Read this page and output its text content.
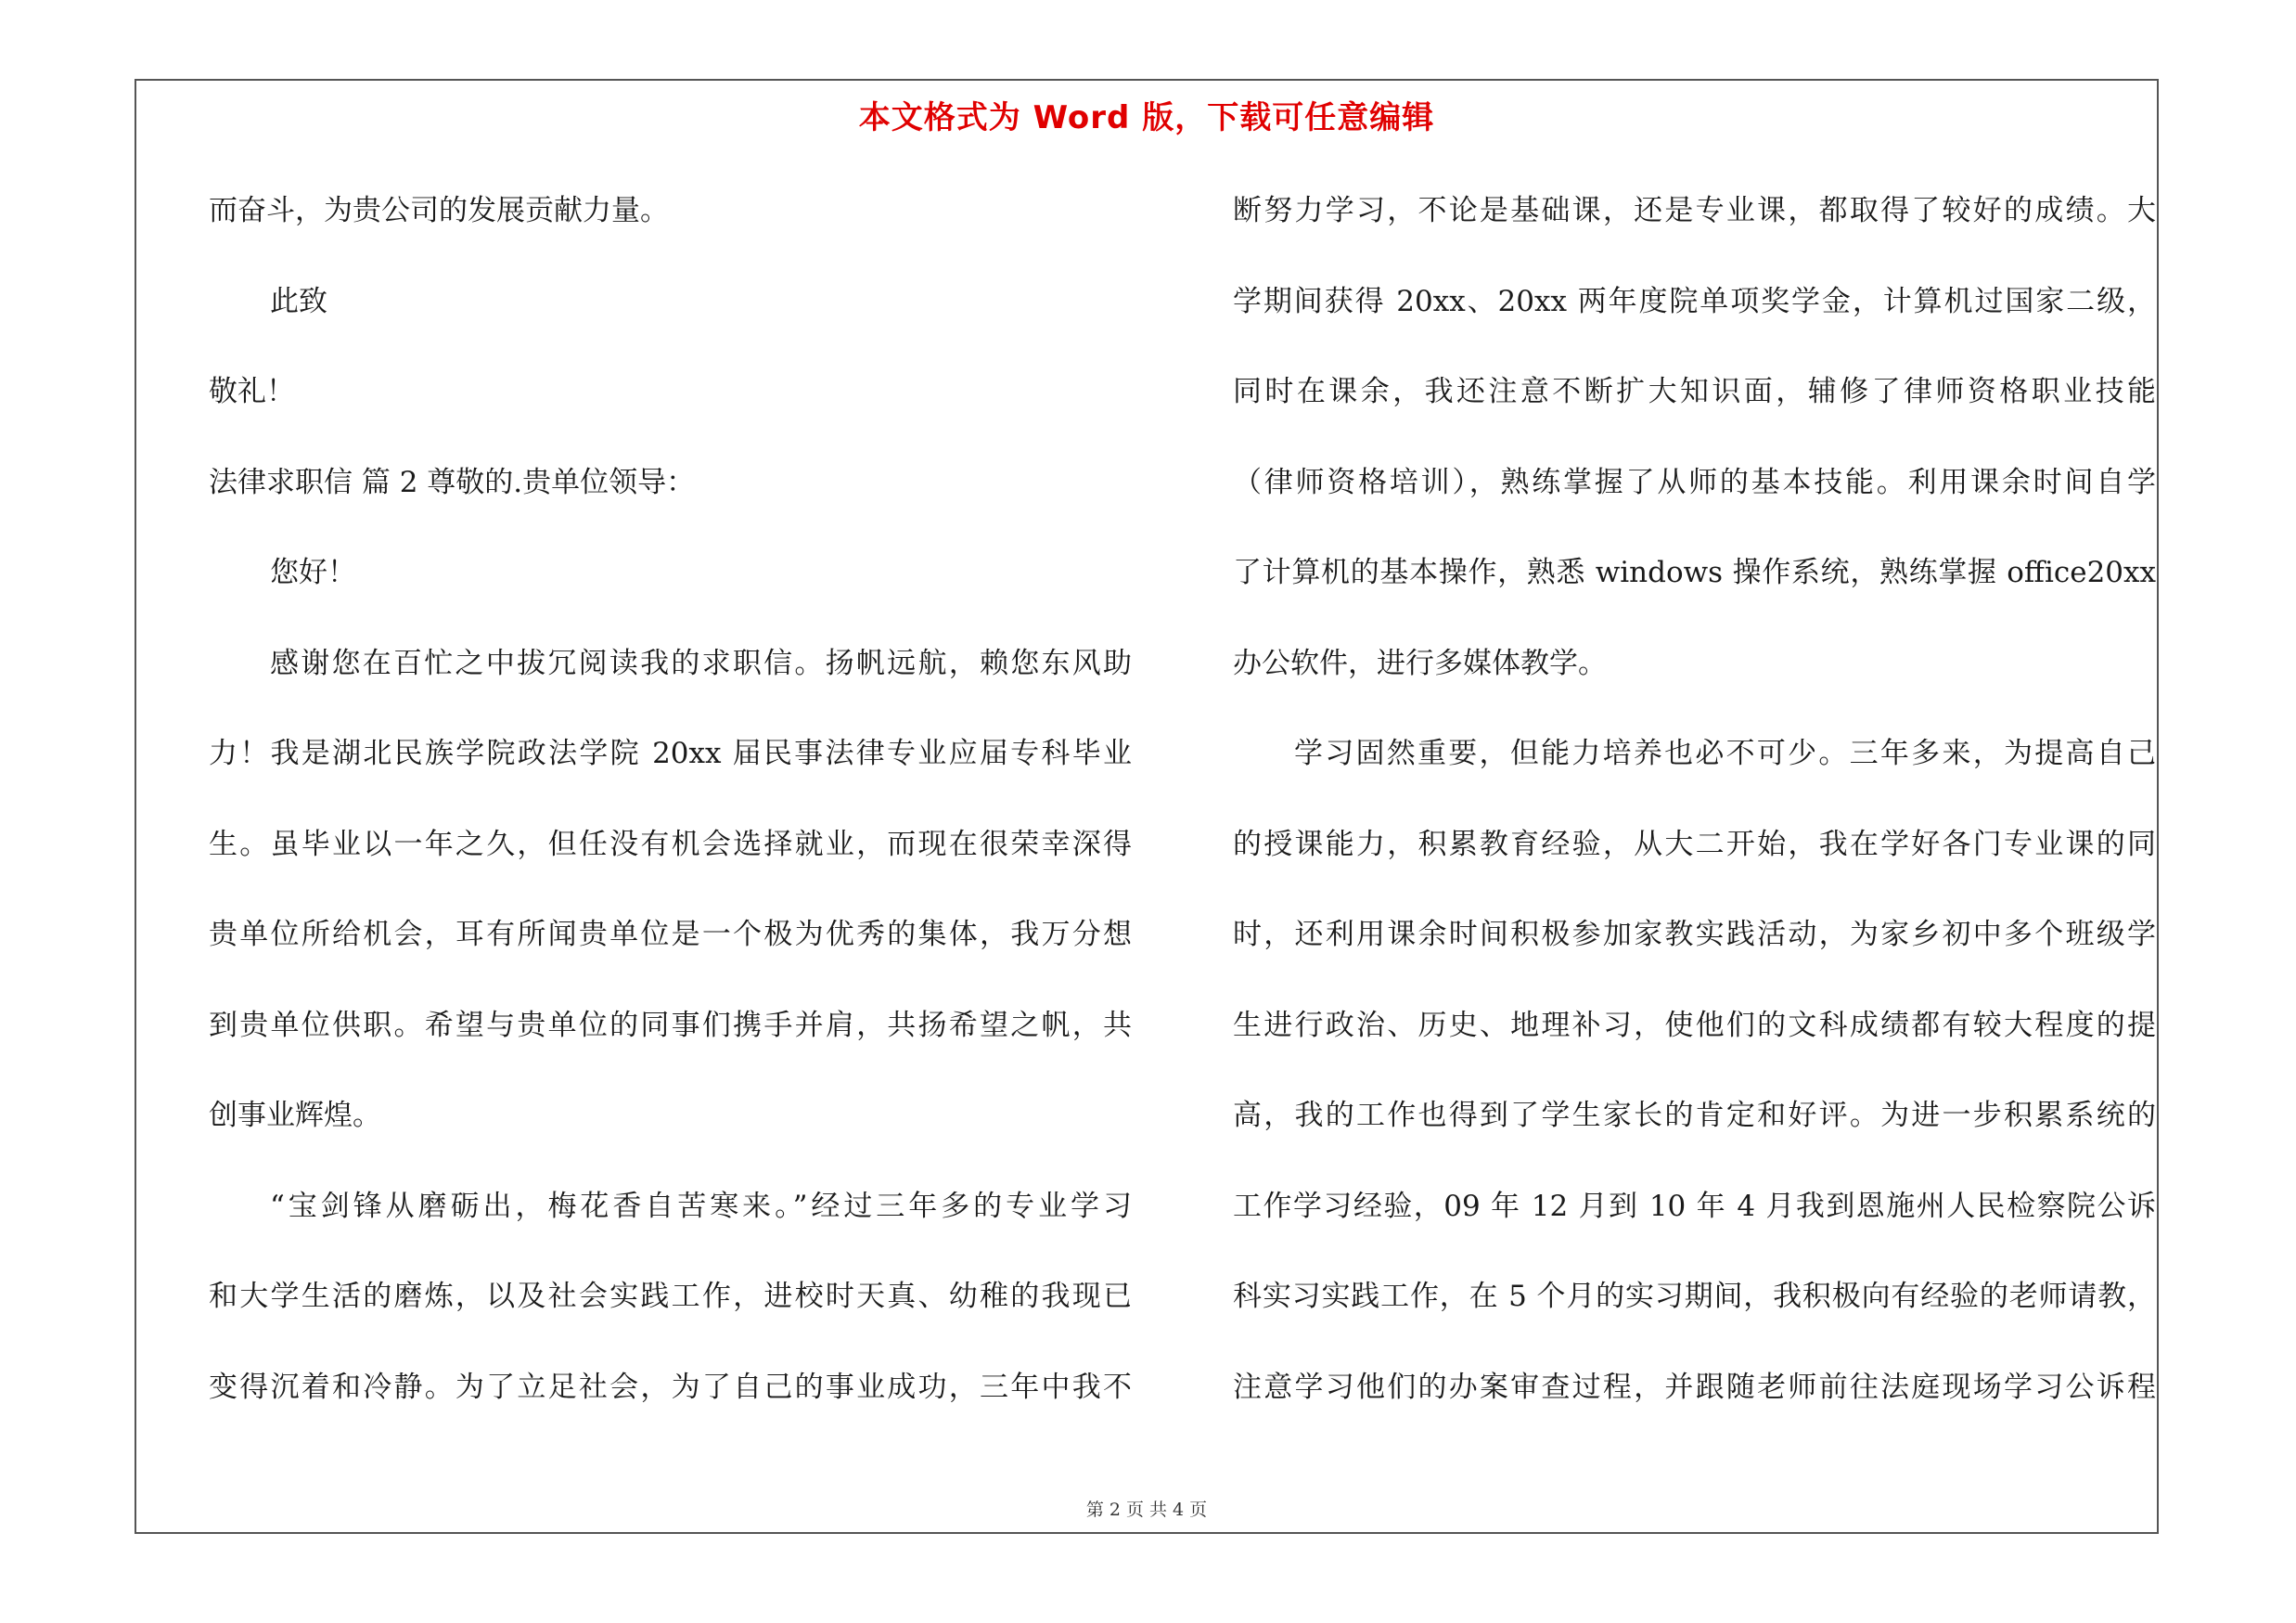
本文格式为 Word 版，下载可任意编辑
而奋斗，为贵公司的发展贡献力量。
此致
敬礼！
法律求职信 篇 2 尊敬的.贵单位领导：
您好！
感谢您在百忙之中拔冗阅读我的求职信。扬帆远航，赖您东风助
力！我是湖北民族学院政法学院 20xx 届民事法律专业应届专科毕业
生。虽毕业以一年之久，但任没有机会选择就业，而现在很荣幸深得
贵单位所给机会，耳有所闻贵单位是一个极为优秀的集体，我万分想
到贵单位供职。希望与贵单位的同事们携手并肩，共扬希望之帆，共
创事业辉煌。
“宝剑锋从磨砺出，梅花香自苦寒来。”经过三年多的专业学习
和大学生活的磨炼，以及社会实践工作，进校时天真、幼稚的我现已
变得沉着和冷静。为了立足社会，为了自己的事业成功，三年中我不
断努力学习，不论是基础课，还是专业课，都取得了较好的成绩。大
学期间获得 20xx、20xx 两年度院单项奖学金，计算机过国家二级，
同时在课余，我还注意不断扩大知识面，辅修了律师资格职业技能
（律师资格培训），熟练掌握了从师的基本技能。利用课余时间自学
了计算机的基本操作，熟悉 windows 操作系统，熟练掌握 office20xx
办公软件，进行多媒体教学。
学习固然重要，但能力培养也必不可少。三年多来，为提高自己
的授课能力，积累教育经验，从大二开始，我在学好各门专业课的同
时，还利用课余时间积极参加家教实践活动，为家乡初中多个班级学
生进行政治、历史、地理补习，使他们的文科成绩都有较大程度的提
高，我的工作也得到了学生家长的肯定和好评。为进一步积累系统的
工作学习经验，09 年 12 月到 10 年 4 月我到恩施州人民检察院公诉
科实习实践工作，在 5 个月的实习期间，我积极向有经验的老师请教，
注意学习他们的办案审查过程，并跟随老师前往法庭现场学习公诉程
第 2 页 共 4 页
